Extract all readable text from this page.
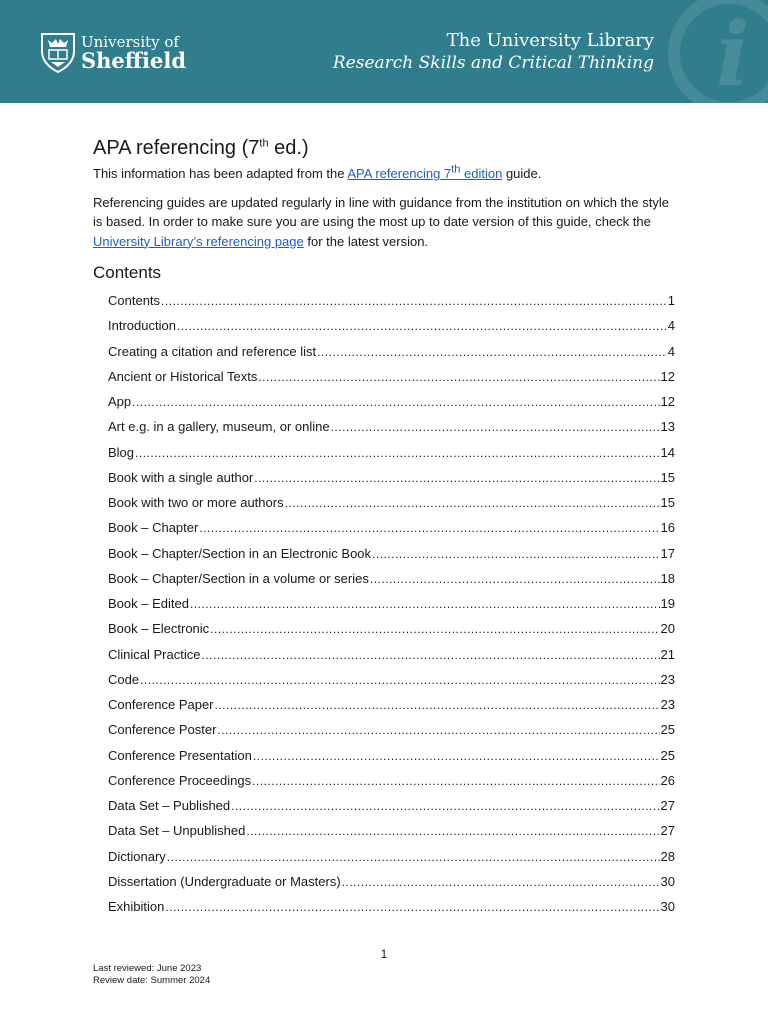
i
University of
Sheffield
The University Library
Research Skills and Critical Thinking
APA referencing (7th ed.)

This information has been adapted from the APA referencing 7th edition guide.

Referencing guides are updated regularly in line with guidance from the institution on which the style is based. In order to make sure you are using the most up to date version of this guide, check the University Library’s referencing page for the latest version.

Contents
Contents .....	1
Introduction .....	4
Creating a citation and reference list .....	4
Ancient or Historical Texts .....	12
App .....	12
Art e.g. in a gallery, museum, or online .....	13
Blog .....	14
Book with a single author .....	15
Book with two or more authors .....	15
Book – Chapter .....	16
Book – Chapter/Section in an Electronic Book .....	17
Book – Chapter/Section in a volume or series .....	18
Book – Edited .....	19
Book – Electronic .....	20
Clinical Practice .....	21
Code .....	23
Conference Paper .....	23
Conference Poster .....	25
Conference Presentation .....	25
Conference Proceedings .....	26
Data Set – Published .....	27
Data Set – Unpublished .....	27
Dictionary .....	28
Dissertation (Undergraduate or Masters) .....	30
Exhibition .....	30
1
Last reviewed: June 2023
Review date: Summer 2024
